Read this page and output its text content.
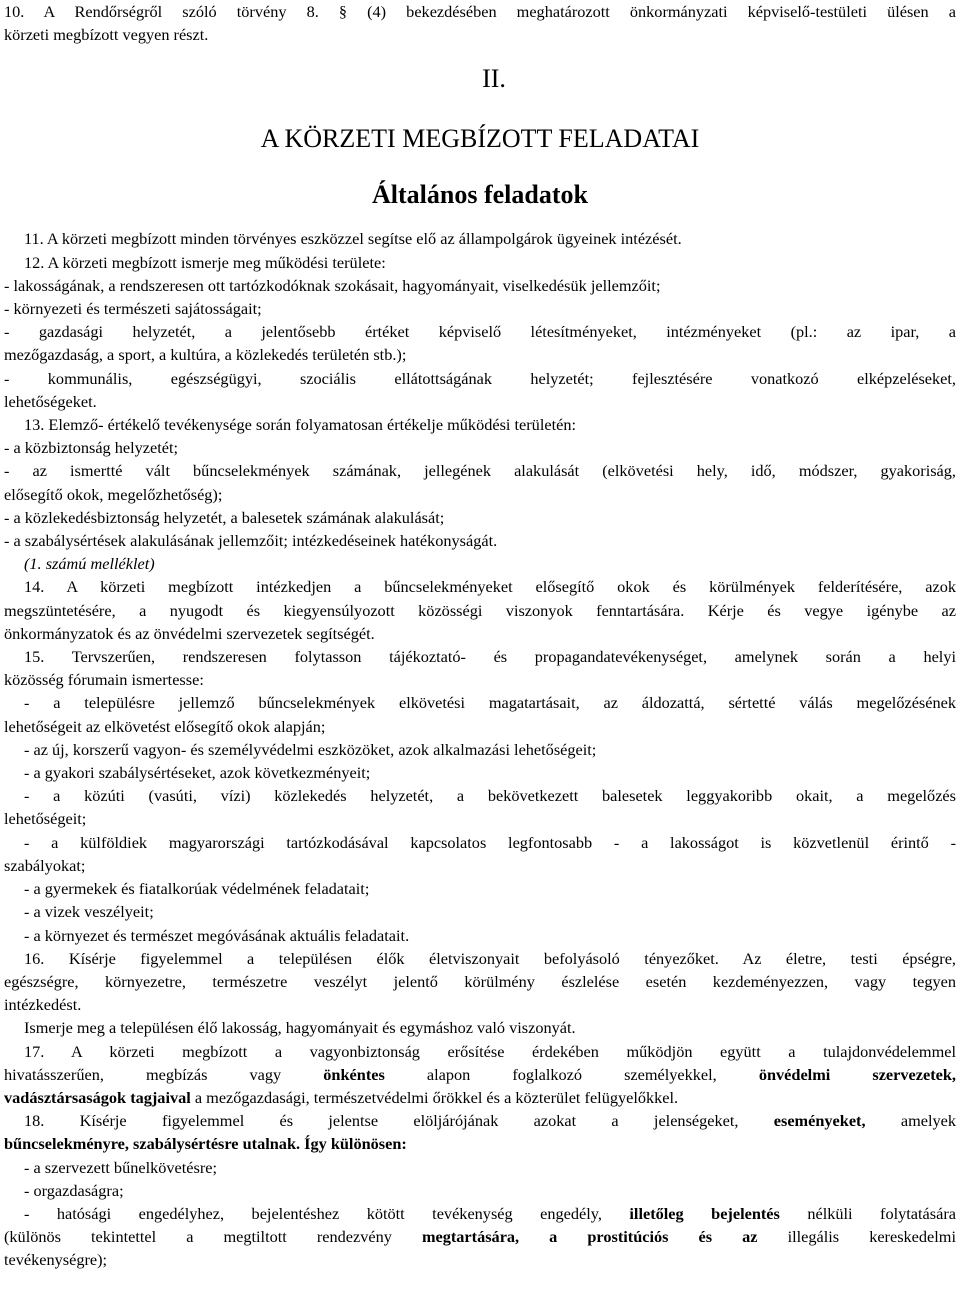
10. A Rendőrségről szóló törvény 8. § (4) bekezdésében meghatározott önkormányzati képviselő-testületi ülésen a
körzeti megbízott vegyen részt.
II.
A KÖRZETI MEGBÍZOTT FELADATAI
Általános feladatok
11. A körzeti megbízott minden törvényes eszközzel segítse elő az állampolgárok ügyeinek intézését.
12. A körzeti megbízott ismerje meg működési területe:
- lakosságának, a rendszeresen ott tartózkodóknak szokásait, hagyományait, viselkedésük jellemzőit;
- környezeti és természeti sajátosságait;
- gazdasági helyzetét, a jelentősebb értéket képviselő létesítményeket, intézményeket (pl.: az ipar, a
mezőgazdaság, a sport, a kultúra, a közlekedés területén stb.);
- kommunális, egészségügyi, szociális ellátottságának helyzetét; fejlesztésére vonatkozó elképzeléseket,
lehetőségeket.
13. Elemző- értékelő tevékenysége során folyamatosan értékelje működési területén:
- a közbiztonság helyzetét;
- az ismertté vált bűncselekmények számának, jellegének alakulását (elkövetési hely, idő, módszer, gyakoriság,
elősegítő okok, megelőzhetőség);
- a közlekedésbiztonság helyzetét, a balesetek számának alakulását;
- a szabálysértések alakulásának jellemzőit; intézkedéseinek hatékonyságát.
(1. számú melléklet)
14. A körzeti megbízott intézkedjen a bűncselekményeket elősegítő okok és körülmények felderítésére, azok
megszüntetésére, a nyugodt és kiegyensúlyozott közösségi viszonyok fenntartására. Kérje és vegye igénybe az
önkormányzatok és az önvédelmi szervezetek segítségét.
15. Tervszerűen, rendszeresen folytasson tájékoztató- és propagandatevékenységet, amelynek során a helyi
közösség fórumain ismertesse:
- a településre jellemző bűncselekmények elkövetési magatartásait, az áldozattá, sértetté válás megelőzésének
lehetőségeit az elkövetést elősegítő okok alapján;
- az új, korszerű vagyon- és személyvédelmi eszközöket, azok alkalmazási lehetőségeit;
- a gyakori szabálysértéseket, azok következményeit;
- a közúti (vasúti, vízi) közlekedés helyzetét, a bekövetkezett balesetek leggyakoribb okait, a megelőzés
lehetőségeit;
- a külföldiek magyarországi tartózkodásával kapcsolatos legfontosabb - a lakosságot is közvetlenül érintő -
szabályokat;
- a gyermekek és fiatalkorúak védelmének feladatait;
- a vizek veszélyeit;
- a környezet és természet megóvásának aktuális feladatait.
16. Kísérje figyelemmel a településen élők életviszonyait befolyásoló tényezőket. Az életre, testi épségre,
egészségre, környezetre, természetre veszélyt jelentő körülmény észlelése esetén kezdeményezzen, vagy tegyen
intézkedést.
Ismerje meg a településen élő lakosság, hagyományait és egymáshoz való viszonyát.
17. A körzeti megbízott a vagyonbiztonság erősítése érdekében működjön együtt a tulajdonvédelemmel
hivatásszerűen, megbízás vagy	önkéntes	alapon foglalkozó személyekkel,	önvédelmi szervezetek,
vadásztársaságok tagjaival a mezőgazdasági, természetvédelmi őrökkel és a közterület felügyelőkkel.
18. Kísérje figyelemmel és jelentse elöljárójának azokat a jelenségeket, eseményeket, amelyek
bűncselekményre, szabálysértésre utalnak. Így különösen:
- a szervezett bűnelkövetésre;
- orgazdaságra;
- hatósági engedélyhez, bejelentéshez kötött tevékenység engedély, illetőleg bejelentés nélküli folytatására
(különös tekintettel a megtiltott rendezvény megtartására, a prostitúciós és az illegális kereskedelmi
tevékenységre);
